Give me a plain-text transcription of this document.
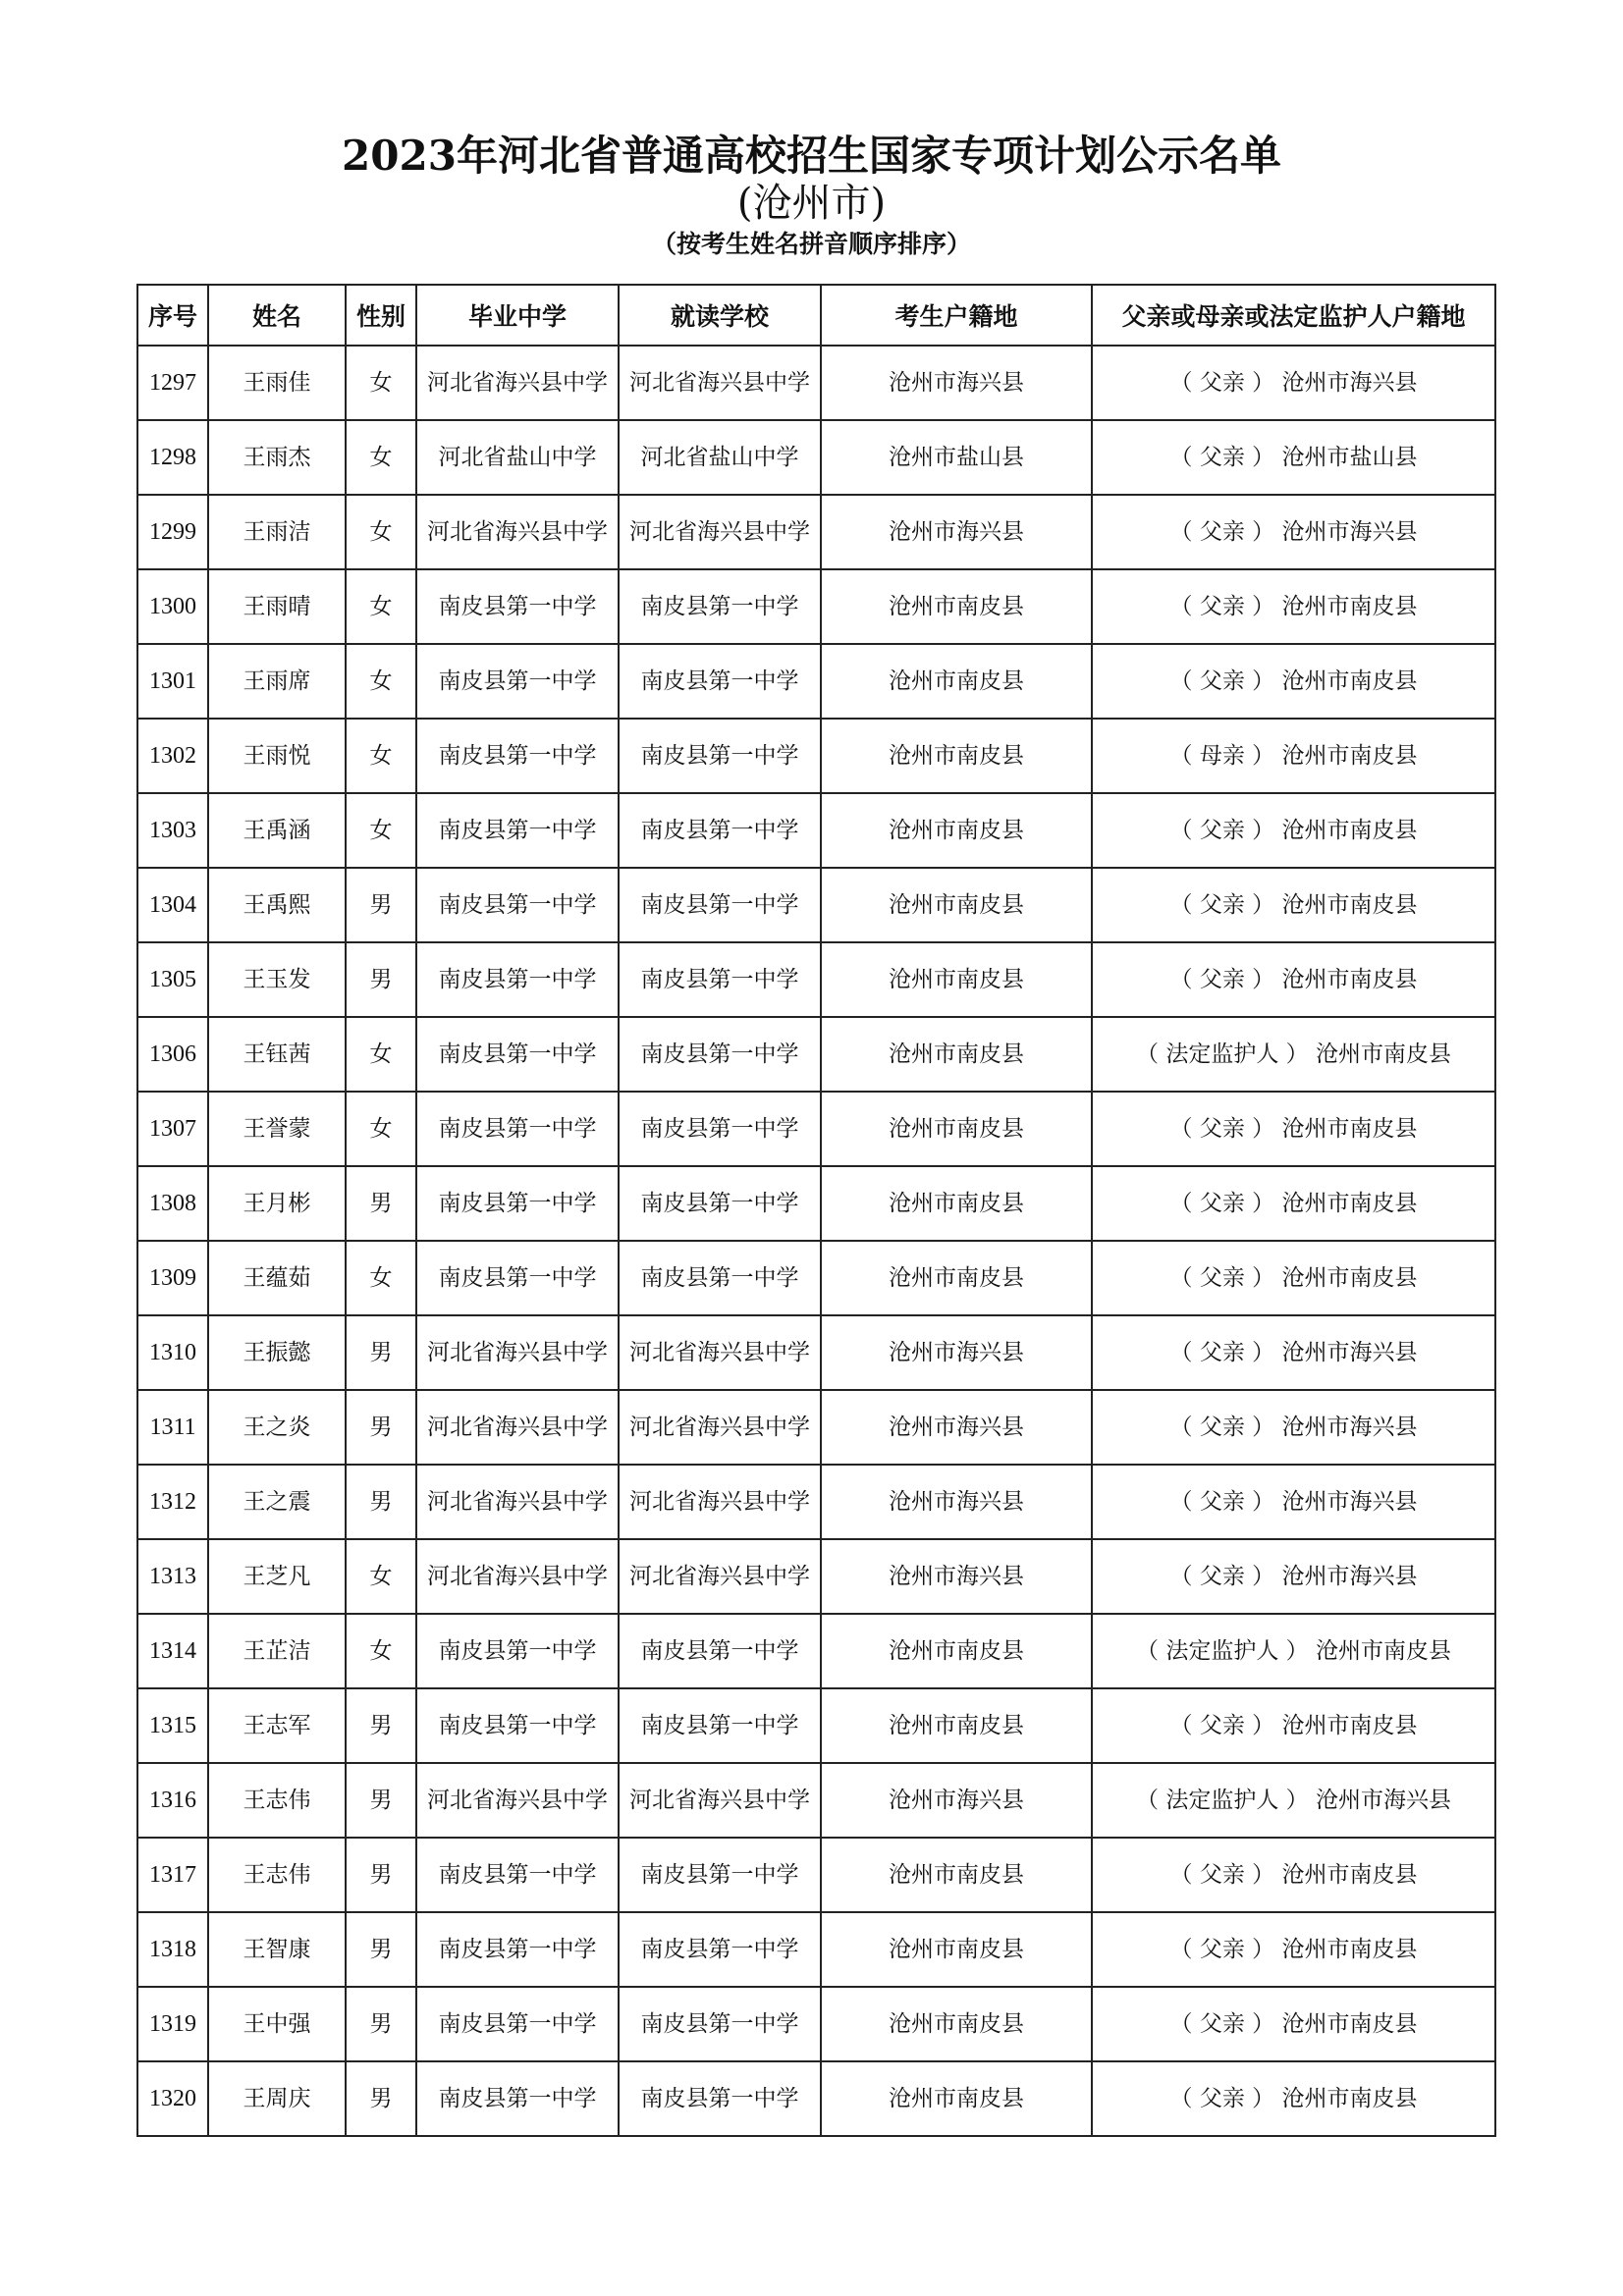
2023年河北省普通高校招生国家专项计划公示名单
(沧州市)
（按考生姓名拼音顺序排序）
序号	姓名	性别	毕业中学	就读学校	考生户籍地	父亲或母亲或法定监护人户籍地
1297	王雨佳	女	河北省海兴县中学	河北省海兴县中学	沧州市海兴县	（ 父亲 ） 沧州市海兴县
1298	王雨杰	女	河北省盐山中学	河北省盐山中学	沧州市盐山县	（ 父亲 ） 沧州市盐山县
1299	王雨洁	女	河北省海兴县中学	河北省海兴县中学	沧州市海兴县	（ 父亲 ） 沧州市海兴县
1300	王雨晴	女	南皮县第一中学	南皮县第一中学	沧州市南皮县	（ 父亲 ） 沧州市南皮县
1301	王雨席	女	南皮县第一中学	南皮县第一中学	沧州市南皮县	（ 父亲 ） 沧州市南皮县
1302	王雨悦	女	南皮县第一中学	南皮县第一中学	沧州市南皮县	（ 母亲 ） 沧州市南皮县
1303	王禹涵	女	南皮县第一中学	南皮县第一中学	沧州市南皮县	（ 父亲 ） 沧州市南皮县
1304	王禹熙	男	南皮县第一中学	南皮县第一中学	沧州市南皮县	（ 父亲 ） 沧州市南皮县
1305	王玉发	男	南皮县第一中学	南皮县第一中学	沧州市南皮县	（ 父亲 ） 沧州市南皮县
1306	王钰茜	女	南皮县第一中学	南皮县第一中学	沧州市南皮县	（ 法定监护人 ） 沧州市南皮县
1307	王誉蒙	女	南皮县第一中学	南皮县第一中学	沧州市南皮县	（ 父亲 ） 沧州市南皮县
1308	王月彬	男	南皮县第一中学	南皮县第一中学	沧州市南皮县	（ 父亲 ） 沧州市南皮县
1309	王蕴茹	女	南皮县第一中学	南皮县第一中学	沧州市南皮县	（ 父亲 ） 沧州市南皮县
1310	王振懿	男	河北省海兴县中学	河北省海兴县中学	沧州市海兴县	（ 父亲 ） 沧州市海兴县
1311	王之炎	男	河北省海兴县中学	河北省海兴县中学	沧州市海兴县	（ 父亲 ） 沧州市海兴县
1312	王之震	男	河北省海兴县中学	河北省海兴县中学	沧州市海兴县	（ 父亲 ） 沧州市海兴县
1313	王芝凡	女	河北省海兴县中学	河北省海兴县中学	沧州市海兴县	（ 父亲 ） 沧州市海兴县
1314	王芷洁	女	南皮县第一中学	南皮县第一中学	沧州市南皮县	（ 法定监护人 ） 沧州市南皮县
1315	王志军	男	南皮县第一中学	南皮县第一中学	沧州市南皮县	（ 父亲 ） 沧州市南皮县
1316	王志伟	男	河北省海兴县中学	河北省海兴县中学	沧州市海兴县	（ 法定监护人 ） 沧州市海兴县
1317	王志伟	男	南皮县第一中学	南皮县第一中学	沧州市南皮县	（ 父亲 ） 沧州市南皮县
1318	王智康	男	南皮县第一中学	南皮县第一中学	沧州市南皮县	（ 父亲 ） 沧州市南皮县
1319	王中强	男	南皮县第一中学	南皮县第一中学	沧州市南皮县	（ 父亲 ） 沧州市南皮县
1320	王周庆	男	南皮县第一中学	南皮县第一中学	沧州市南皮县	（ 父亲 ） 沧州市南皮县
